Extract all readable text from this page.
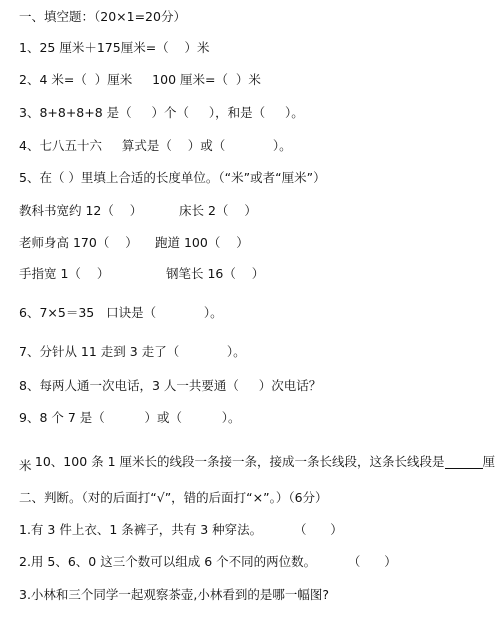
一、填空题：（20×1=20分）
1、25 厘米＋175厘米=（    ）米
2、4 米=（  ）厘米     100 厘米=（  ）米
3、8+8+8+8 是（     ）个（     ），和是（     ）。
4、七八五十六     算式是（    ）或（            ）。
5、在（ ）里填上合适的长度单位。（“米”或者“厘米”）
教科书宽约 12（    ）	床长 2（    ）
老师身高 170（    ） 跑道 100（    ）
手指宽 1（    ）	钢笔长 16（    ）
6、7×5＝35   口诀是（            ）。
7、分针从 11 走到 3 走了（            ）。
8、每两人通一次电话，3 人一共要通（     ）次电话？
9、8 个 7 是（          ）或（          ）。

10、100 条 1 厘米长的线段一条接一条，接成一条长线段，这条长线段是	厘

米
二、判断。（对的后面打“√”，错的后面打“×”。）（6分）
1.有 3 件上衣、1 条裤子，共有 3 种穿法。        （      ）
2.用 5、6、0 这三个数可以组成 6 个不同的两位数。        （      ）
3.小林和三个同学一起观察茶壶,小林看到的是哪一幅图?
